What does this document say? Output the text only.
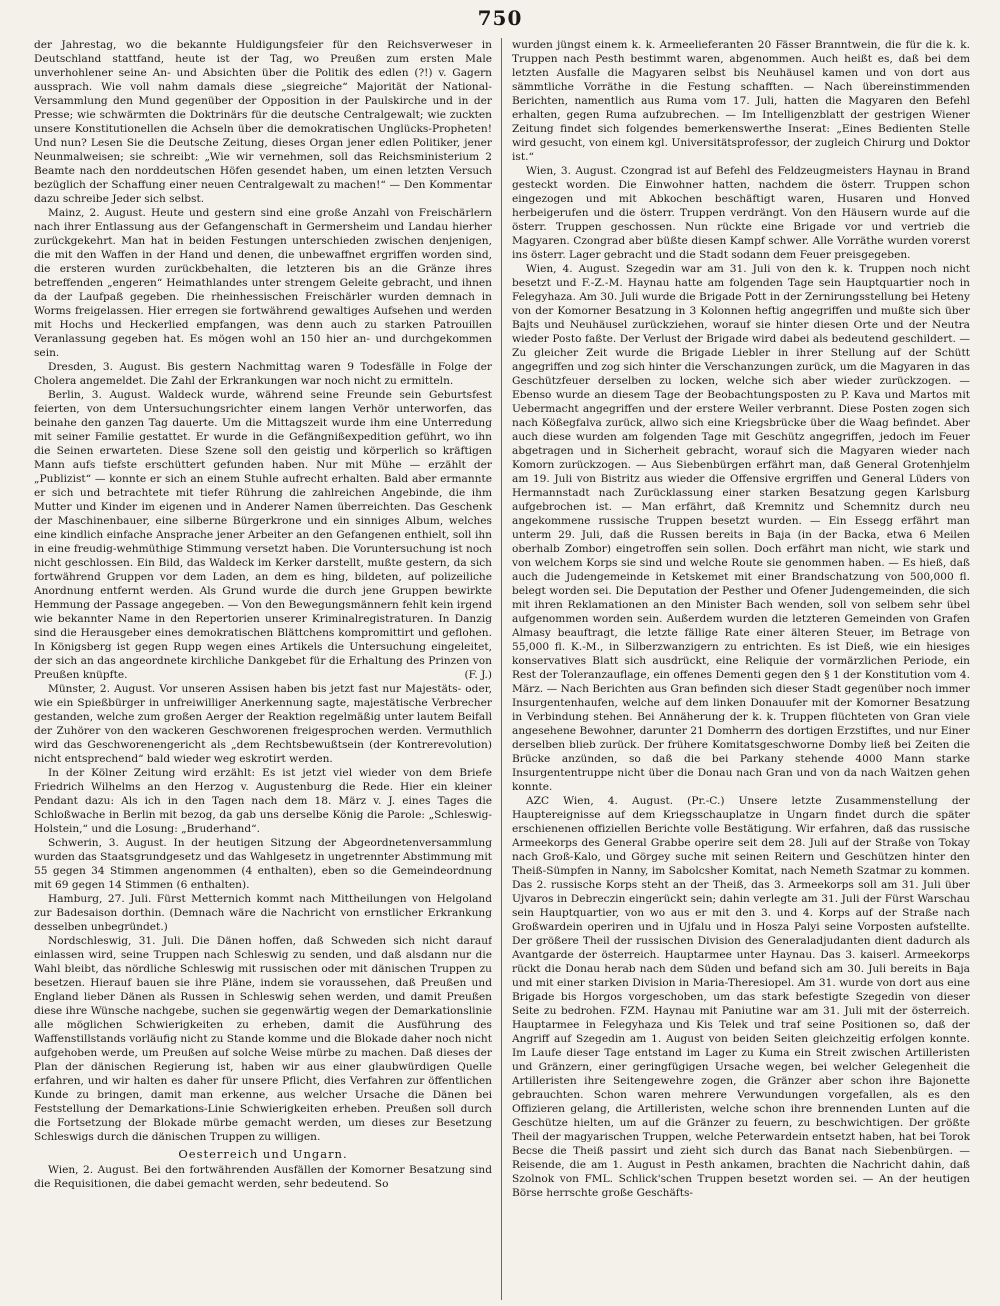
750

der Jahrestag, wo die bekannte Huldigungsfeier für den Reichsverweser in Deutschland stattfand, heute ist der Tag, wo Preußen zum ersten Male unverhohlener seine An- und Absichten über die Politik des edlen (?!) v. Gagern aussprach. Wie voll nahm damals diese „siegreiche“ Majorität der National-Versammlung den Mund gegenüber der Opposition in der Paulskirche und in der Presse; wie schwärmten die Doktrinärs für die deutsche Centralgewalt; wie zuckten unsere Konstitutionellen die Achseln über die demokratischen Unglücks-Propheten! Und nun? Lesen Sie die Deutsche Zeitung, dieses Organ jener edlen Politiker, jener Neunmalweisen; sie schreibt: „Wie wir vernehmen, soll das Reichsministerium 2 Beamte nach den norddeutschen Höfen gesendet haben, um einen letzten Versuch bezüglich der Schaffung einer neuen Centralgewalt zu machen!“ — Den Kommentar dazu schreibe Jeder sich selbst.

Mainz, 2. August. Heute und gestern sind eine große Anzahl von Freischärlern nach ihrer Entlassung aus der Gefangenschaft in Germersheim und Landau hierher zurückgekehrt. Man hat in beiden Festungen unterschieden zwischen denjenigen, die mit den Waffen in der Hand und denen, die unbewaffnet ergriffen worden sind, die ersteren wurden zurückbehalten, die letzteren bis an die Gränze ihres betreffenden „engeren“ Heimathlandes unter strengem Geleite gebracht, und ihnen da der Laufpaß gegeben. Die rheinhessischen Freischärler wurden demnach in Worms freigelassen. Hier erregen sie fortwährend gewaltiges Aufsehen und werden mit Hochs und Heckerlied empfangen, was denn auch zu starken Patrouillen Veranlassung gegeben hat. Es mögen wohl an 150 hier an- und durchgekommen sein.

Dresden, 3. August. Bis gestern Nachmittag waren 9 Todesfälle in Folge der Cholera angemeldet. Die Zahl der Erkrankungen war noch nicht zu ermitteln.

Berlin, 3. August. Waldeck wurde, während seine Freunde sein Geburtsfest feierten, von dem Untersuchungsrichter einem langen Verhör unterworfen, das beinahe den ganzen Tag dauerte. Um die Mittagszeit wurde ihm eine Unterredung mit seiner Familie gestattet. Er wurde in die Gefängnißexpedition geführt, wo ihn die Seinen erwarteten. Diese Szene soll den geistig und körperlich so kräftigen Mann aufs tiefste erschüttert gefunden haben. Nur mit Mühe — erzählt der „Publizist“ — konnte er sich an einem Stuhle aufrecht erhalten. Bald aber ermannte er sich und betrachtete mit tiefer Rührung die zahlreichen Angebinde, die ihm Mutter und Kinder im eigenen und in Anderer Namen überreichten. Das Geschenk der Maschinenbauer, eine silberne Bürgerkrone und ein sinniges Album, welches eine kindlich einfache Ansprache jener Arbeiter an den Gefangenen enthielt, soll ihn in eine freudig-wehmüthige Stimmung versetzt haben. Die Voruntersuchung ist noch nicht geschlossen. Ein Bild, das Waldeck im Kerker darstellt, mußte gestern, da sich fortwährend Gruppen vor dem Laden, an dem es hing, bildeten, auf polizeiliche Anordnung entfernt werden. Als Grund wurde die durch jene Gruppen bewirkte Hemmung der Passage angegeben. — Von den Bewegungsmännern fehlt kein irgend wie bekannter Name in den Repertorien unserer Kriminalregistraturen. In Danzig sind die Herausgeber eines demokratischen Blättchens kompromittirt und geflohen. In Königsberg ist gegen Rupp wegen eines Artikels die Untersuchung eingeleitet, der sich an das angeordnete kirchliche Dankgebet für die Erhaltung des Prinzen von Preußen knüpfte.	(F. J.)

Münster, 2. August. Vor unseren Assisen haben bis jetzt fast nur Majestäts- oder, wie ein Spießbürger in unfreiwilliger Anerkennung sagte, majestätische Verbrecher gestanden, welche zum großen Aerger der Reaktion regelmäßig unter lautem Beifall der Zuhörer von den wackeren Geschworenen freigesprochen werden. Vermuthlich wird das Geschworenengericht als „dem Rechtsbewußtsein (der Kontrerevolution) nicht entsprechend“ bald wieder weg eskrotirt werden.

In der Kölner Zeitung wird erzählt: Es ist jetzt viel wieder von dem Briefe Friedrich Wilhelms an den Herzog v. Augustenburg die Rede. Hier ein kleiner Pendant dazu: Als ich in den Tagen nach dem 18. März v. J. eines Tages die Schloßwache in Berlin mit bezog, da gab uns derselbe König die Parole: „Schleswig-Holstein,“ und die Losung: „Bruderhand“.

Schwerin, 3. August. In der heutigen Sitzung der Abgeordnetenversammlung wurden das Staatsgrundgesetz und das Wahlgesetz in ungetrennter Abstimmung mit 55 gegen 34 Stimmen angenommen (4 enthalten), eben so die Gemeindeordnung mit 69 gegen 14 Stimmen (6 enthalten).

Hamburg, 27. Juli. Fürst Metternich kommt nach Mittheilungen von Helgoland zur Badesaison dorthin. (Demnach wäre die Nachricht von ernstlicher Erkrankung desselben unbegründet.)

Nordschleswig, 31. Juli. Die Dänen hoffen, daß Schweden sich nicht darauf einlassen wird, seine Truppen nach Schleswig zu senden, und daß alsdann nur die Wahl bleibt, das nördliche Schleswig mit russischen oder mit dänischen Truppen zu besetzen. Hierauf bauen sie ihre Pläne, indem sie voraussehen, daß Preußen und England lieber Dänen als Russen in Schleswig sehen werden, und damit Preußen diese ihre Wünsche nachgebe, suchen sie gegenwärtig wegen der Demarkationslinie alle möglichen Schwierigkeiten zu erheben, damit die Ausführung des Waffenstillstands vorläufig nicht zu Stande komme und die Blokade daher noch nicht aufgehoben werde, um Preußen auf solche Weise mürbe zu machen. Daß dieses der Plan der dänischen Regierung ist, haben wir aus einer glaubwürdigen Quelle erfahren, und wir halten es daher für unsere Pflicht, dies Verfahren zur öffentlichen Kunde zu bringen, damit man erkenne, aus welcher Ursache die Dänen bei Feststellung der Demarkations-Linie Schwierigkeiten erheben. Preußen soll durch die Fortsetzung der Blokade mürbe gemacht werden, um dieses zur Besetzung Schleswigs durch die dänischen Truppen zu willigen.

Oesterreich und Ungarn.

Wien, 2. August. Bei den fortwährenden Ausfällen der Komorner Besatzung sind die Requisitionen, die dabei gemacht werden, sehr bedeutend. So

wurden jüngst einem k. k. Armeelieferanten 20 Fässer Branntwein, die für die k. k. Truppen nach Pesth bestimmt waren, abgenommen. Auch heißt es, daß bei dem letzten Ausfalle die Magyaren selbst bis Neuhäusel kamen und von dort aus sämmtliche Vorräthe in die Festung schafften. — Nach übereinstimmenden Berichten, namentlich aus Ruma vom 17. Juli, hatten die Magyaren den Befehl erhalten, gegen Ruma aufzubrechen. — Im Intelligenzblatt der gestrigen Wiener Zeitung findet sich folgendes bemerkenswerthe Inserat: „Eines Bedienten Stelle wird gesucht, von einem kgl. Universitätsprofessor, der zugleich Chirurg und Doktor ist.“

Wien, 3. August. Czongrad ist auf Befehl des Feldzeugmeisters Haynau in Brand gesteckt worden. Die Einwohner hatten, nachdem die österr. Truppen schon eingezogen und mit Abkochen beschäftigt waren, Husaren und Honved herbeigerufen und die österr. Truppen verdrängt. Von den Häusern wurde auf die österr. Truppen geschossen. Nun rückte eine Brigade vor und vertrieb die Magyaren. Czongrad aber büßte diesen Kampf schwer. Alle Vorräthe wurden vorerst ins österr. Lager gebracht und die Stadt sodann dem Feuer preisgegeben.

Wien, 4. August. Szegedin war am 31. Juli von den k. k. Truppen noch nicht besetzt und F.-Z.-M. Haynau hatte am folgenden Tage sein Hauptquartier noch in Felegyhaza. Am 30. Juli wurde die Brigade Pott in der Zernirungsstellung bei Heteny von der Komorner Besatzung in 3 Kolonnen heftig angegriffen und mußte sich über Bajts und Neuhäusel zurückziehen, worauf sie hinter diesen Orte und der Neutra wieder Posto faßte. Der Verlust der Brigade wird dabei als bedeutend geschildert. — Zu gleicher Zeit wurde die Brigade Liebler in ihrer Stellung auf der Schütt angegriffen und zog sich hinter die Verschanzungen zurück, um die Magyaren in das Geschützfeuer derselben zu locken, welche sich aber wieder zurückzogen. — Ebenso wurde an diesem Tage der Beobachtungsposten zu P. Kava und Martos mit Uebermacht angegriffen und der erstere Weiler verbrannt. Diese Posten zogen sich nach Kößegfalva zurück, allwo sich eine Kriegsbrücke über die Waag befindet. Aber auch diese wurden am folgenden Tage mit Geschütz angegriffen, jedoch im Feuer abgetragen und in Sicherheit gebracht, worauf sich die Magyaren wieder nach Komorn zurückzogen. — Aus Siebenbürgen erfährt man, daß General Grotenhjelm am 19. Juli von Bistritz aus wieder die Offensive ergriffen und General Lüders von Hermannstadt nach Zurücklassung einer starken Besatzung gegen Karlsburg aufgebrochen ist. — Man erfährt, daß Kremnitz und Schemnitz durch neu angekommene russische Truppen besetzt wurden. — Ein Essegg erfährt man unterm 29. Juli, daß die Russen bereits in Baja (in der Backa, etwa 6 Meilen oberhalb Zombor) eingetroffen sein sollen. Doch erfährt man nicht, wie stark und von welchem Korps sie sind und welche Route sie genommen haben. — Es hieß, daß auch die Judengemeinde in Ketskemet mit einer Brandschatzung von 500,000 fl. belegt worden sei. Die Deputation der Pesther und Ofener Judengemeinden, die sich mit ihren Reklamationen an den Minister Bach wenden, soll von selbem sehr übel aufgenommen worden sein. Außerdem wurden die letzteren Gemeinden von Grafen Almasy beauftragt, die letzte fällige Rate einer älteren Steuer, im Betrage von 55,000 fl. K.-M., in Silberzwanzigern zu entrichten. Es ist Dieß, wie ein hiesiges konservatives Blatt sich ausdrückt, eine Reliquie der vormärzlichen Periode, ein Rest der Toleranzauflage, ein offenes Dementi gegen den § 1 der Konstitution vom 4. März. — Nach Berichten aus Gran befinden sich dieser Stadt gegenüber noch immer Insurgentenhaufen, welche auf dem linken Donauufer mit der Komorner Besatzung in Verbindung stehen. Bei Annäherung der k. k. Truppen flüchteten von Gran viele angesehene Bewohner, darunter 21 Domherrn des dortigen Erzstiftes, und nur Einer derselben blieb zurück. Der frühere Komitatsgeschworne Domby ließ bei Zeiten die Brücke anzünden, so daß die bei Parkany stehende 4000 Mann starke Insurgententruppe nicht über die Donau nach Gran und von da nach Waitzen gehen konnte.

AZC Wien, 4. August. (Pr.-C.) Unsere letzte Zusammenstellung der Hauptereignisse auf dem Kriegsschauplatze in Ungarn findet durch die später erschienenen offiziellen Berichte volle Bestätigung. Wir erfahren, daß das russische Armeekorps des General Grabbe operire seit dem 28. Juli auf der Straße von Tokay nach Groß-Kalo, und Görgey suche mit seinen Reitern und Geschützen hinter den Theiß-Sümpfen in Nanny, im Sabolcsher Komitat, nach Nemeth Szatmar zu kommen. Das 2. russische Korps steht an der Theiß, das 3. Armeekorps soll am 31. Juli über Ujvaros in Debreczin eingerückt sein; dahin verlegte am 31. Juli der Fürst Warschau sein Hauptquartier, von wo aus er mit den 3. und 4. Korps auf der Straße nach Großwardein operiren und in Ujfalu und in Hosza Palyi seine Vorposten aufstellte. Der größere Theil der russischen Division des Generaladjudanten dient dadurch als Avantgarde der österreich. Hauptarmee unter Haynau. Das 3. kaiserl. Armeekorps rückt die Donau herab nach dem Süden und befand sich am 30. Juli bereits in Baja und mit einer starken Division in Maria-Theresiopel. Am 31. wurde von dort aus eine Brigade bis Horgos vorgeschoben, um das stark befestigte Szegedin von dieser Seite zu bedrohen. FZM. Haynau mit Paniutine war am 31. Juli mit der österreich. Hauptarmee in Felegyhaza und Kis Telek und traf seine Positionen so, daß der Angriff auf Szegedin am 1. August von beiden Seiten gleichzeitig erfolgen konnte. Im Laufe dieser Tage entstand im Lager zu Kuma ein Streit zwischen Artilleristen und Gränzern, einer geringfügigen Ursache wegen, bei welcher Gelegenheit die Artilleristen ihre Seitengewehre zogen, die Gränzer aber schon ihre Bajonette gebrauchten. Schon waren mehrere Verwundungen vorgefallen, als es den Offizieren gelang, die Artilleristen, welche schon ihre brennenden Lunten auf die Geschütze hielten, um auf die Gränzer zu feuern, zu beschwichtigen. Der größte Theil der magyarischen Truppen, welche Peterwardein entsetzt haben, hat bei Torok Becse die Theiß passirt und zieht sich durch das Banat nach Siebenbürgen. — Reisende, die am 1. August in Pesth ankamen, brachten die Nachricht dahin, daß Szolnok von FML. Schlick'schen Truppen besetzt worden sei. — An der heutigen Börse herrschte große Geschäfts-
